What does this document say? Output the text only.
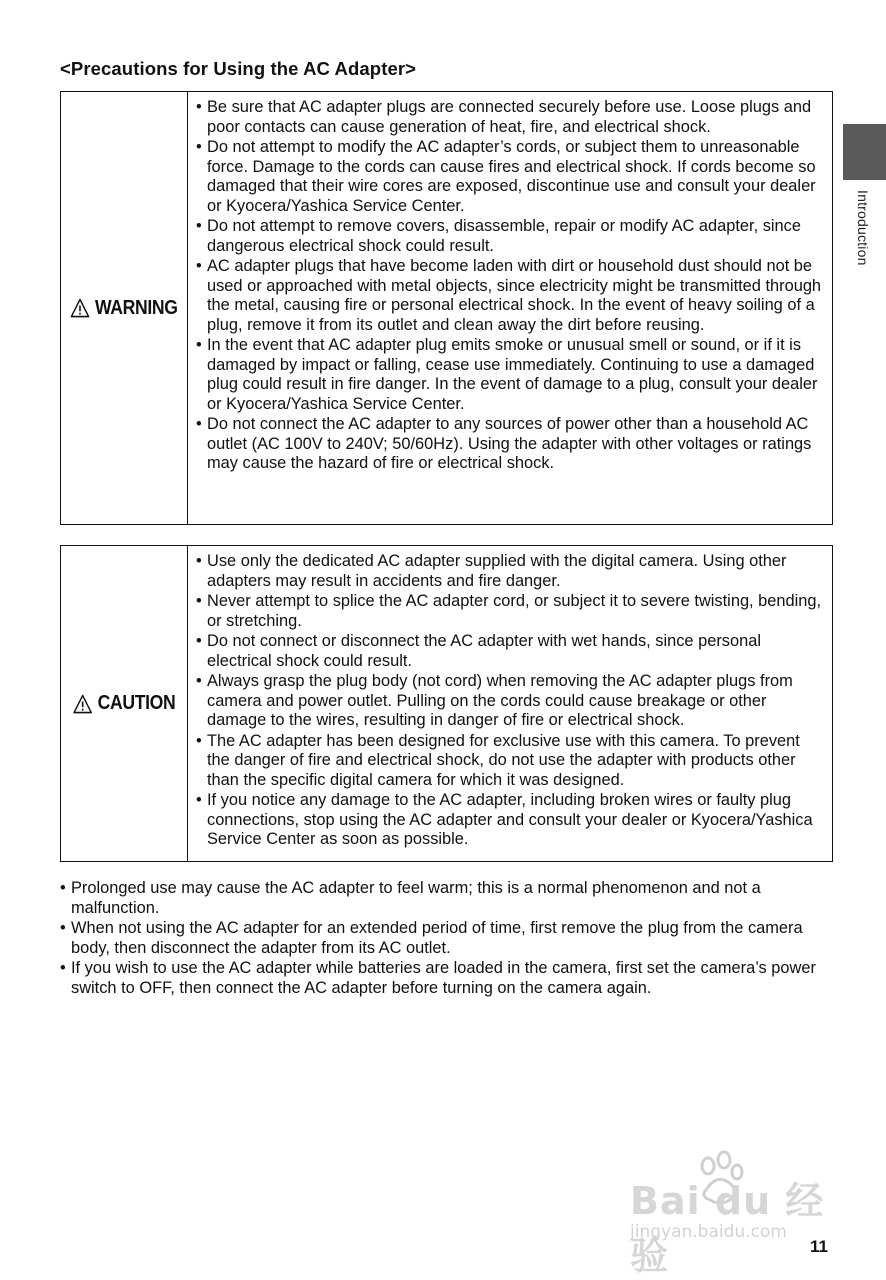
<Precautions for Using the AC Adapter>
Introduction
WARNING
• Be sure that AC adapter plugs are connected securely before use. Loose plugs and poor contacts can cause generation of heat, fire, and electrical shock.
• Do not attempt to modify the AC adapter’s cords, or subject them to unreasonable force. Damage to the cords can cause fires and electrical shock. If cords become so damaged that their wire cores are exposed, discontinue use and consult your dealer or Kyocera/Yashica Service Center.
• Do not attempt to remove covers, disassemble, repair or modify AC adapter, since dangerous electrical shock could result.
• AC adapter plugs that have become laden with dirt or household dust should not be used or approached with metal objects, since electricity might be transmitted through the metal, causing fire or personal electrical shock. In the event of heavy soiling of a plug, remove it from its outlet and clean away the dirt before reusing.
• In the event that AC adapter plug emits smoke or unusual smell or sound, or if it is damaged by impact or falling, cease use immediately. Continuing to use a damaged plug could result in fire danger. In the event of damage to a plug, consult your dealer or Kyocera/Yashica Service Center.
• Do not connect the AC adapter to any sources of power other than a household AC outlet (AC 100V to 240V; 50/60Hz). Using the adapter with other voltages or ratings may cause the hazard of fire or electrical shock.
CAUTION
• Use only the dedicated AC adapter supplied with the digital camera. Using other adapters may result in accidents and fire danger.
• Never attempt to splice the AC adapter cord, or subject it to severe twisting, bending, or stretching.
• Do not connect or disconnect the AC adapter with wet hands, since personal electrical shock could result.
• Always grasp the plug body (not cord) when removing the AC adapter plugs from camera and power outlet. Pulling on the cords could cause breakage or other damage to the wires, resulting in danger of fire or electrical shock.
• The AC adapter has been designed for exclusive use with this camera. To prevent the danger of fire and electrical shock, do not use the adapter with products other than the specific digital camera for which it was designed.
• If you notice any damage to the AC adapter, including broken wires or faulty plug connections, stop using the AC adapter and consult your dealer or Kyocera/Yashica Service Center as soon as possible.
• Prolonged use may cause the AC adapter to feel warm; this is a normal phenomenon and not a malfunction.
• When not using the AC adapter for an extended period of time, first remove the plug from the camera body, then disconnect the adapter from its AC outlet.
• If you wish to use the AC adapter while batteries are loaded in the camera, first set the camera’s power switch to OFF, then connect the AC adapter before turning on the camera again.
Bai du 经验
jingyan.baidu.com
11
